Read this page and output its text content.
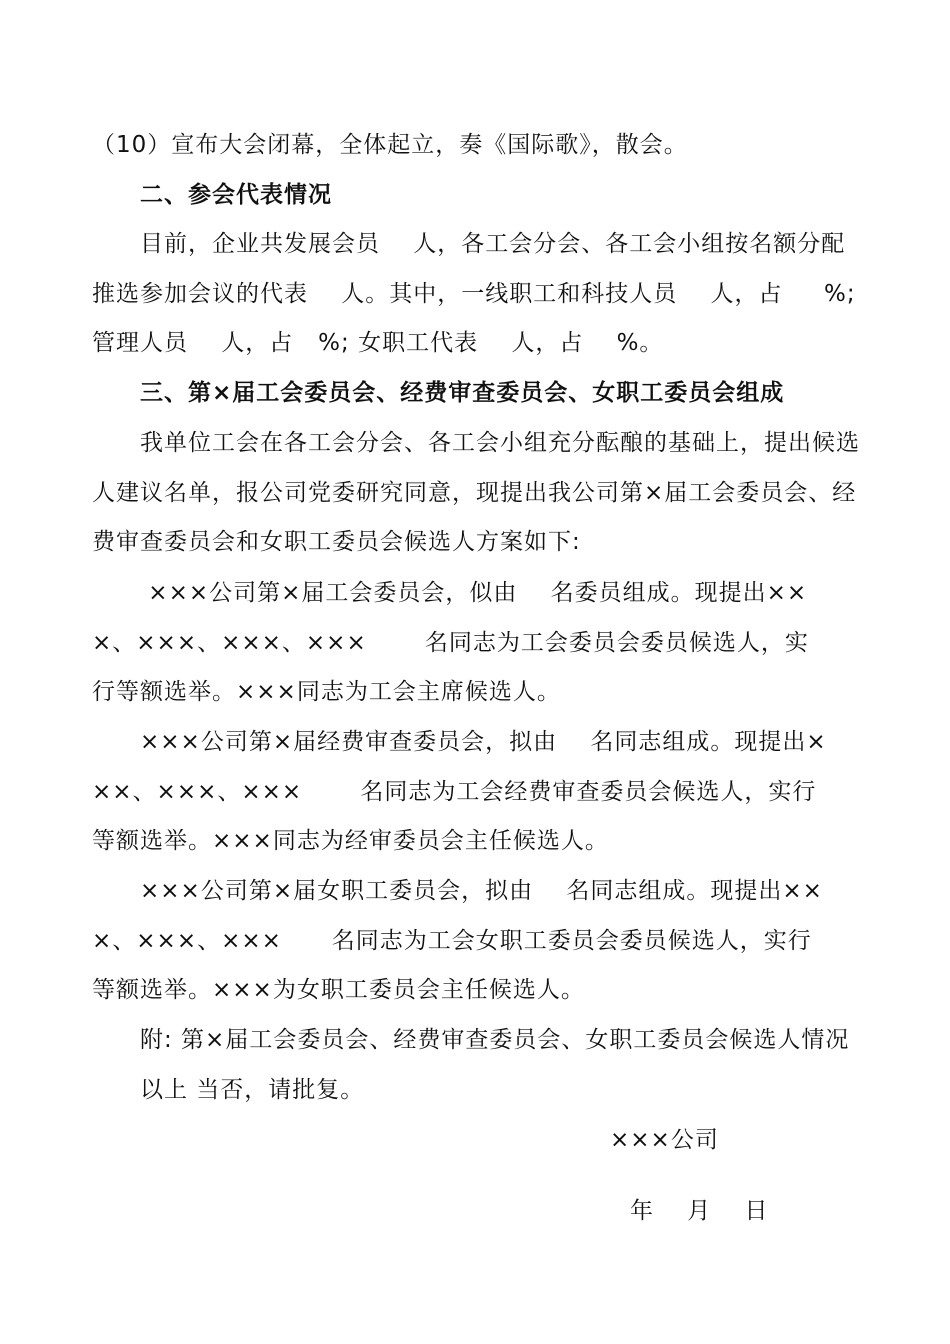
（10）宣布大会闭幕，全体起立，奏《国际歌》，散会。
二、参会代表情况
目前，企业共发展会员    人，各工会分会、各工会小组按名额分配
推选参加会议的代表    人。其中，一线职工和科技人员    人，占     %;
管理人员    人，占   %; 女职工代表    人，占    %。
三、第×届工会委员会、经费审查委员会、女职工委员会组成
我单位工会在各工会分会、各工会小组充分酝酿的基础上，提出候选
人建议名单，报公司党委研究同意，现提出我公司第×届工会委员会、经
费审查委员会和女职工委员会候选人方案如下:
×××公司第×届工会委员会，似由    名委员组成。现提出××
×、×××、×××、×××       名同志为工会委员会委员候选人，实
行等额选举。×××同志为工会主席候选人。
×××公司第×届经费审查委员会，拟由    名同志组成。现提出×
××、×××、×××       名同志为工会经费审查委员会候选人，实行
等额选举。×××同志为经审委员会主任候选人。
×××公司第×届女职工委员会，拟由    名同志组成。现提出××
×、×××、×××      名同志为工会女职工委员会委员候选人，实行
等额选举。×××为女职工委员会主任候选人。
附: 第×届工会委员会、经费审查委员会、女职工委员会候选人情况
以上 当否，请批复。
×××公司
年    月    日
